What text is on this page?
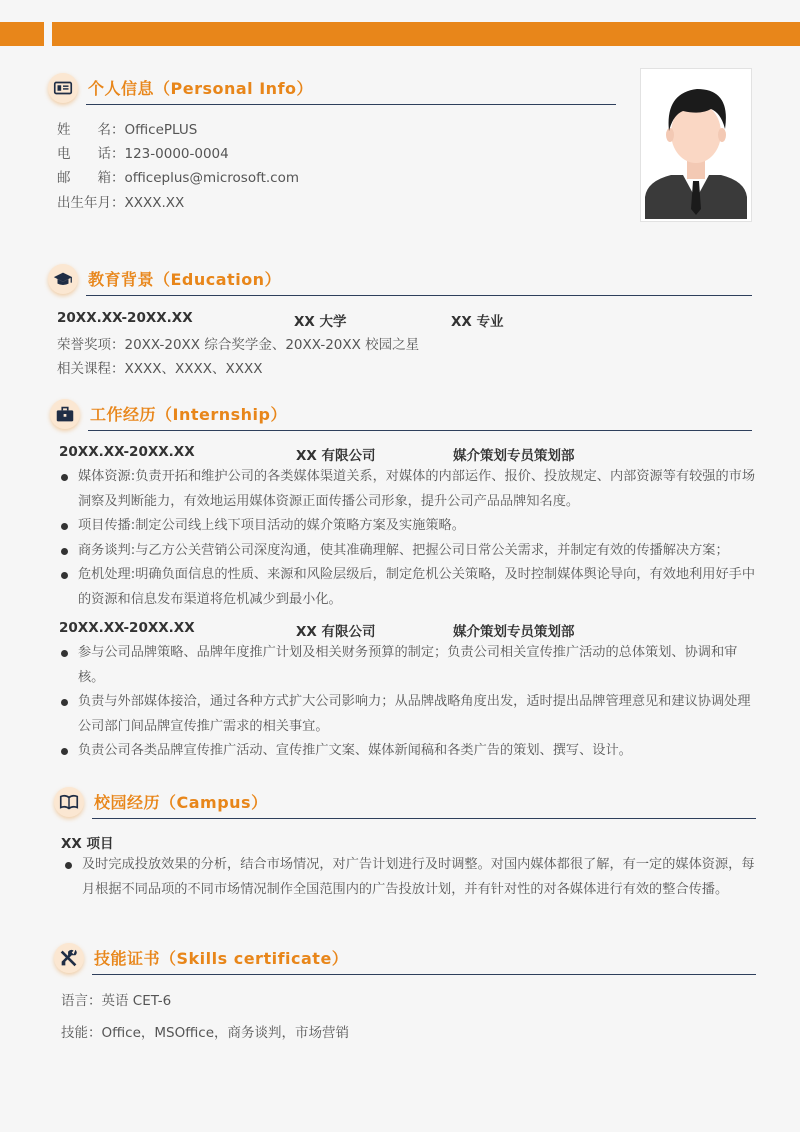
个人信息（Personal Info）
姓　　名：OfficePLUS
电　　话：123-0000-0004
邮　　箱：officeplus@microsoft.com
出生年月：XXXX.XX
教育背景（Education）
20XX.XX-20XX.XX	XX 大学	XX 专业
荣誉奖项：20XX-20XX 综合奖学金、20XX-20XX 校园之星
相关课程：XXXX、XXXX、XXXX
工作经历（Internship）
20XX.XX-20XX.XX	XX 有限公司	媒介策划专员策划部
媒体资源:负责开拓和维护公司的各类媒体渠道关系，对媒体的内部运作、报价、投放规定、内部资源等有较强的市场洞察及判断能力，有效地运用媒体资源正面传播公司形象，提升公司产品品牌知名度。
项目传播:制定公司线上线下项目活动的媒介策略方案及实施策略。
商务谈判:与乙方公关营销公司深度沟通，使其准确理解、把握公司日常公关需求，并制定有效的传播解决方案；
危机处理:明确负面信息的性质、来源和风险层级后，制定危机公关策略，及时控制媒体舆论导向，有效地利用好手中的资源和信息发布渠道将危机减少到最小化。
20XX.XX-20XX.XX	XX 有限公司	媒介策划专员策划部
参与公司品牌策略、品牌年度推广计划及相关财务预算的制定；负责公司相关宣传推广活动的总体策划、协调和审核。
负责与外部媒体接洽，通过各种方式扩大公司影响力；从品牌战略角度出发，适时提出品牌管理意见和建议协调处理公司部门间品牌宣传推广需求的相关事宜。
负责公司各类品牌宣传推广活动、宣传推广文案、媒体新闻稿和各类广告的策划、撰写、设计。
校园经历（Campus）
XX 项目
及时完成投放效果的分析，结合市场情况，对广告计划进行及时调整。对国内媒体都很了解，有一定的媒体资源，每月根据不同品项的不同市场情况制作全国范围内的广告投放计划，并有针对性的对各媒体进行有效的整合传播。
技能证书（Skills certificate）
语言：英语 CET-6
技能：Office，MSOffice，商务谈判，市场营销
